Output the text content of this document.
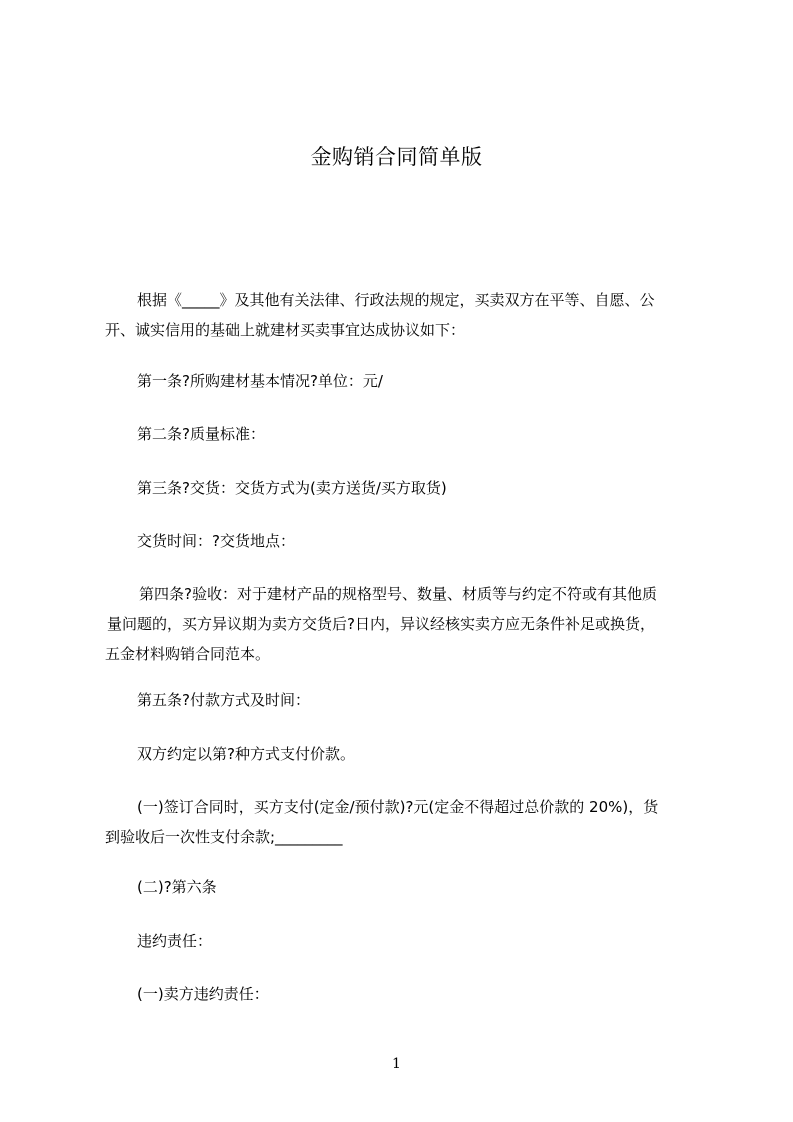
金购销合同简单版
根据《_____》及其他有关法律、行政法规的规定，买卖双方在平等、自愿、公
开、诚实信用的基础上就建材买卖事宜达成协议如下：
第一条?所购建材基本情况?单位：元/
第二条?质量标准：
第三条?交货：交货方式为(卖方送货/买方取货)
交货时间：?交货地点：
第四条?验收：对于建材产品的规格型号、数量、材质等与约定不符或有其他质
量问题的，买方异议期为卖方交货后?日内，异议经核实卖方应无条件补足或换货，
五金材料购销合同范本。
第五条?付款方式及时间：
双方约定以第?种方式支付价款。
(一)签订合同时，买方支付(定金/预付款)?元(定金不得超过总价款的 20%)，货
到验收后一次性支付余款;_________
(二)?第六条
违约责任：
(一)卖方违约责任：
1
